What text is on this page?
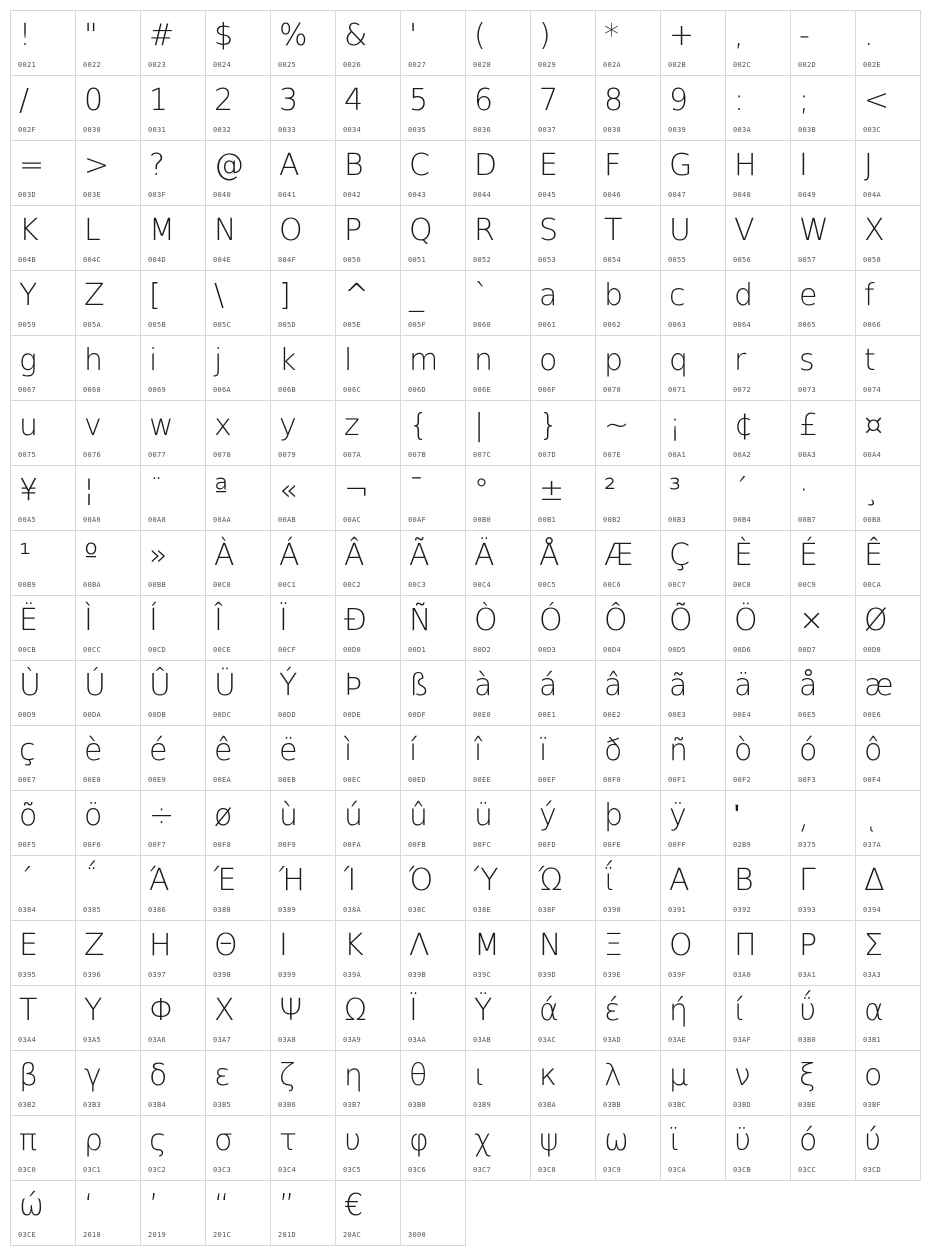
!
0021
"
0022
#
0023
$
0024
%
0025
&
0026
'
0027
(
0028
)
0029
*
002A
+
002B
,
002C
-
002D
.
002E
/
002F
0
0030
1
0031
2
0032
3
0033
4
0034
5
0035
6
0036
7
0037
8
0038
9
0039
:
003A
;
003B
<
003C
=
003D
>
003E
?
003F
@
0040
A
0041
B
0042
C
0043
D
0044
E
0045
F
0046
G
0047
H
0048
I
0049
J
004A
K
004B
L
004C
M
004D
N
004E
O
004F
P
0050
Q
0051
R
0052
S
0053
T
0054
U
0055
V
0056
W
0057
X
0058
Y
0059
Z
005A
[
005B
\
005C
]
005D
^
005E
_
005F
`
0060
a
0061
b
0062
c
0063
d
0064
e
0065
f
0066
g
0067
h
0068
i
0069
j
006A
k
006B
l
006C
m
006D
n
006E
o
006F
p
0070
q
0071
r
0072
s
0073
t
0074
u
0075
v
0076
w
0077
x
0078
y
0079
z
007A
{
007B
|
007C
}
007D
~
007E
¡
00A1
¢
00A2
£
00A3
¤
00A4
¥
00A5
¦
00A6
¨
00A8
ª
00AA
«
00AB
¬
00AC
¯
00AF
°
00B0
±
00B1
²
00B2
³
00B3
´
00B4
·
00B7
¸
00B8
¹
00B9
º
00BA
»
00BB
À
00C0
Á
00C1
Â
00C2
Ã
00C3
Ä
00C4
Å
00C5
Æ
00C6
Ç
00C7
È
00C8
É
00C9
Ê
00CA
Ë
00CB
Ì
00CC
Í
00CD
Î
00CE
Ï
00CF
Ð
00D0
Ñ
00D1
Ò
00D2
Ó
00D3
Ô
00D4
Õ
00D5
Ö
00D6
×
00D7
Ø
00D8
Ù
00D9
Ú
00DA
Û
00DB
Ü
00DC
Ý
00DD
Þ
00DE
ß
00DF
à
00E0
á
00E1
â
00E2
ã
00E3
ä
00E4
å
00E5
æ
00E6
ç
00E7
è
00E8
é
00E9
ê
00EA
ë
00EB
ì
00EC
í
00ED
î
00EE
ï
00EF
ð
00F0
ñ
00F1
ò
00F2
ó
00F3
ô
00F4
õ
00F5
ö
00F6
÷
00F7
ø
00F8
ù
00F9
ú
00FA
û
00FB
ü
00FC
ý
00FD
þ
00FE
ÿ
00FF
ʹ
02B9
͵
0375
ͺ
037A
΄
0384
΅
0385
Ά
0386
Έ
0388
Ή
0389
Ί
038A
Ό
038C
Ύ
038E
Ώ
038F
ΐ
0390
Α
0391
Β
0392
Γ
0393
Δ
0394
Ε
0395
Ζ
0396
Η
0397
Θ
0398
Ι
0399
Κ
039A
Λ
039B
Μ
039C
Ν
039D
Ξ
039E
Ο
039F
Π
03A0
Ρ
03A1
Σ
03A3
Τ
03A4
Υ
03A5
Φ
03A6
Χ
03A7
Ψ
03A8
Ω
03A9
Ϊ
03AA
Ϋ
03AB
ά
03AC
έ
03AD
ή
03AE
ί
03AF
ΰ
03B0
α
03B1
β
03B2
γ
03B3
δ
03B4
ε
03B5
ζ
03B6
η
03B7
θ
03B8
ι
03B9
κ
03BA
λ
03BB
μ
03BC
ν
03BD
ξ
03BE
ο
03BF
π
03C0
ρ
03C1
ς
03C2
σ
03C3
τ
03C4
υ
03C5
φ
03C6
χ
03C7
ψ
03C8
ω
03C9
ϊ
03CA
ϋ
03CB
ό
03CC
ύ
03CD
ώ
03CE
‘
2018
’
2019
“
201C
”
201D
€
20AC	3000
